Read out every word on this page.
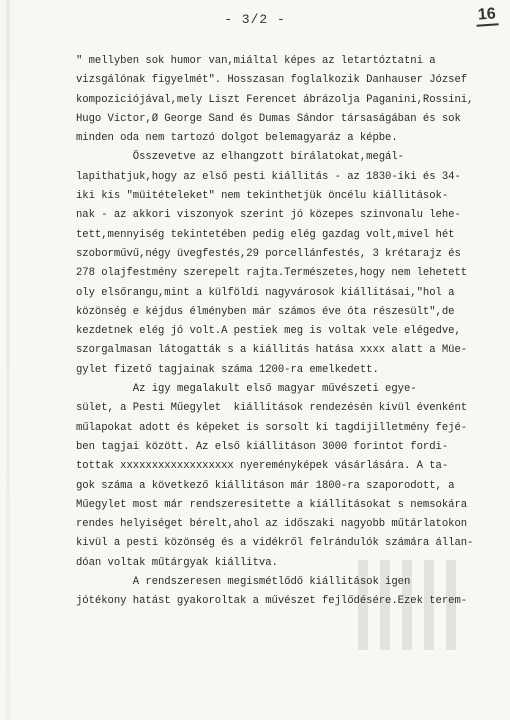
- 3/2 -	16
" mellyben sok humor van,miáltal képes az letartóztatni a
vizsgálónak figyelmét". Hosszasan foglalkozik Danhauser József
kompoziciójával,mely Liszt Ferencet ábrázolja Paganini,Rossini,
Hugo Victor,Ø George Sand és Dumas Sándor társaságában és sok
minden oda nem tartozó dolgot belemagyaráz a képbe.
Összevetve az elhangzott bírálatokat,megál-
lapithatjuk,hogy az első pesti kiállitás - az 1830-iki és 34-
iki kis "müitételeket" nem tekinthetjük öncélu kiállitások-
nak - az akkori viszonyok szerint jó közepes szinvonalu lehe-
tett,mennyiség tekintetében pedig elég gazdag volt,mivel hét
szoborművű,négy üvegfestés,29 porcellánfestés, 3 krétarajz és
278 olajfestmény szerepelt rajta.Természetes,hogy nem lehetett
oly elsőrangu,mint a külföldi nagyvárosok kiállitásai,"hol a
közönség e kéjdus élményben már számos éve óta részesült",de
kezdetnek elég jó volt.A pestiek meg is voltak vele elégedve,
szorgalmasan látogatták s a kiállitás hatása xxxx alatt a Müe-
gylet fizető tagjainak száma 1200-ra emelkedett.
Az igy megalakult első magyar művészeti egye-
sület, a Pesti Műegylet  kiállitások rendezésén kivül évenként
műlapokat adott és képeket is sorsolt ki tagdijilletmény fejé-
ben tagjai között. Az első kiállitáson 3000 forintot fordi-
tottak xxxxxxxxxxxxxxxxxx nyereményképek vásárlására. A ta-
gok száma a következő kiállitáson már 1800-ra szaporodott, a
Műegylet most már rendszeresitette a kiállitásokat s nemsokára
rendes helyiséget bérelt,ahol az időszaki nagyobb műtárlatokon
kivül a pesti közönség és a vidékről felrándulók számára állan-
dóan voltak műtárgyak kiállitva.
A rendszeresen megismétlődő kiállitások igen
jótékony hatást gyakoroltak a művészet fejlődésére.Ezek terem-
